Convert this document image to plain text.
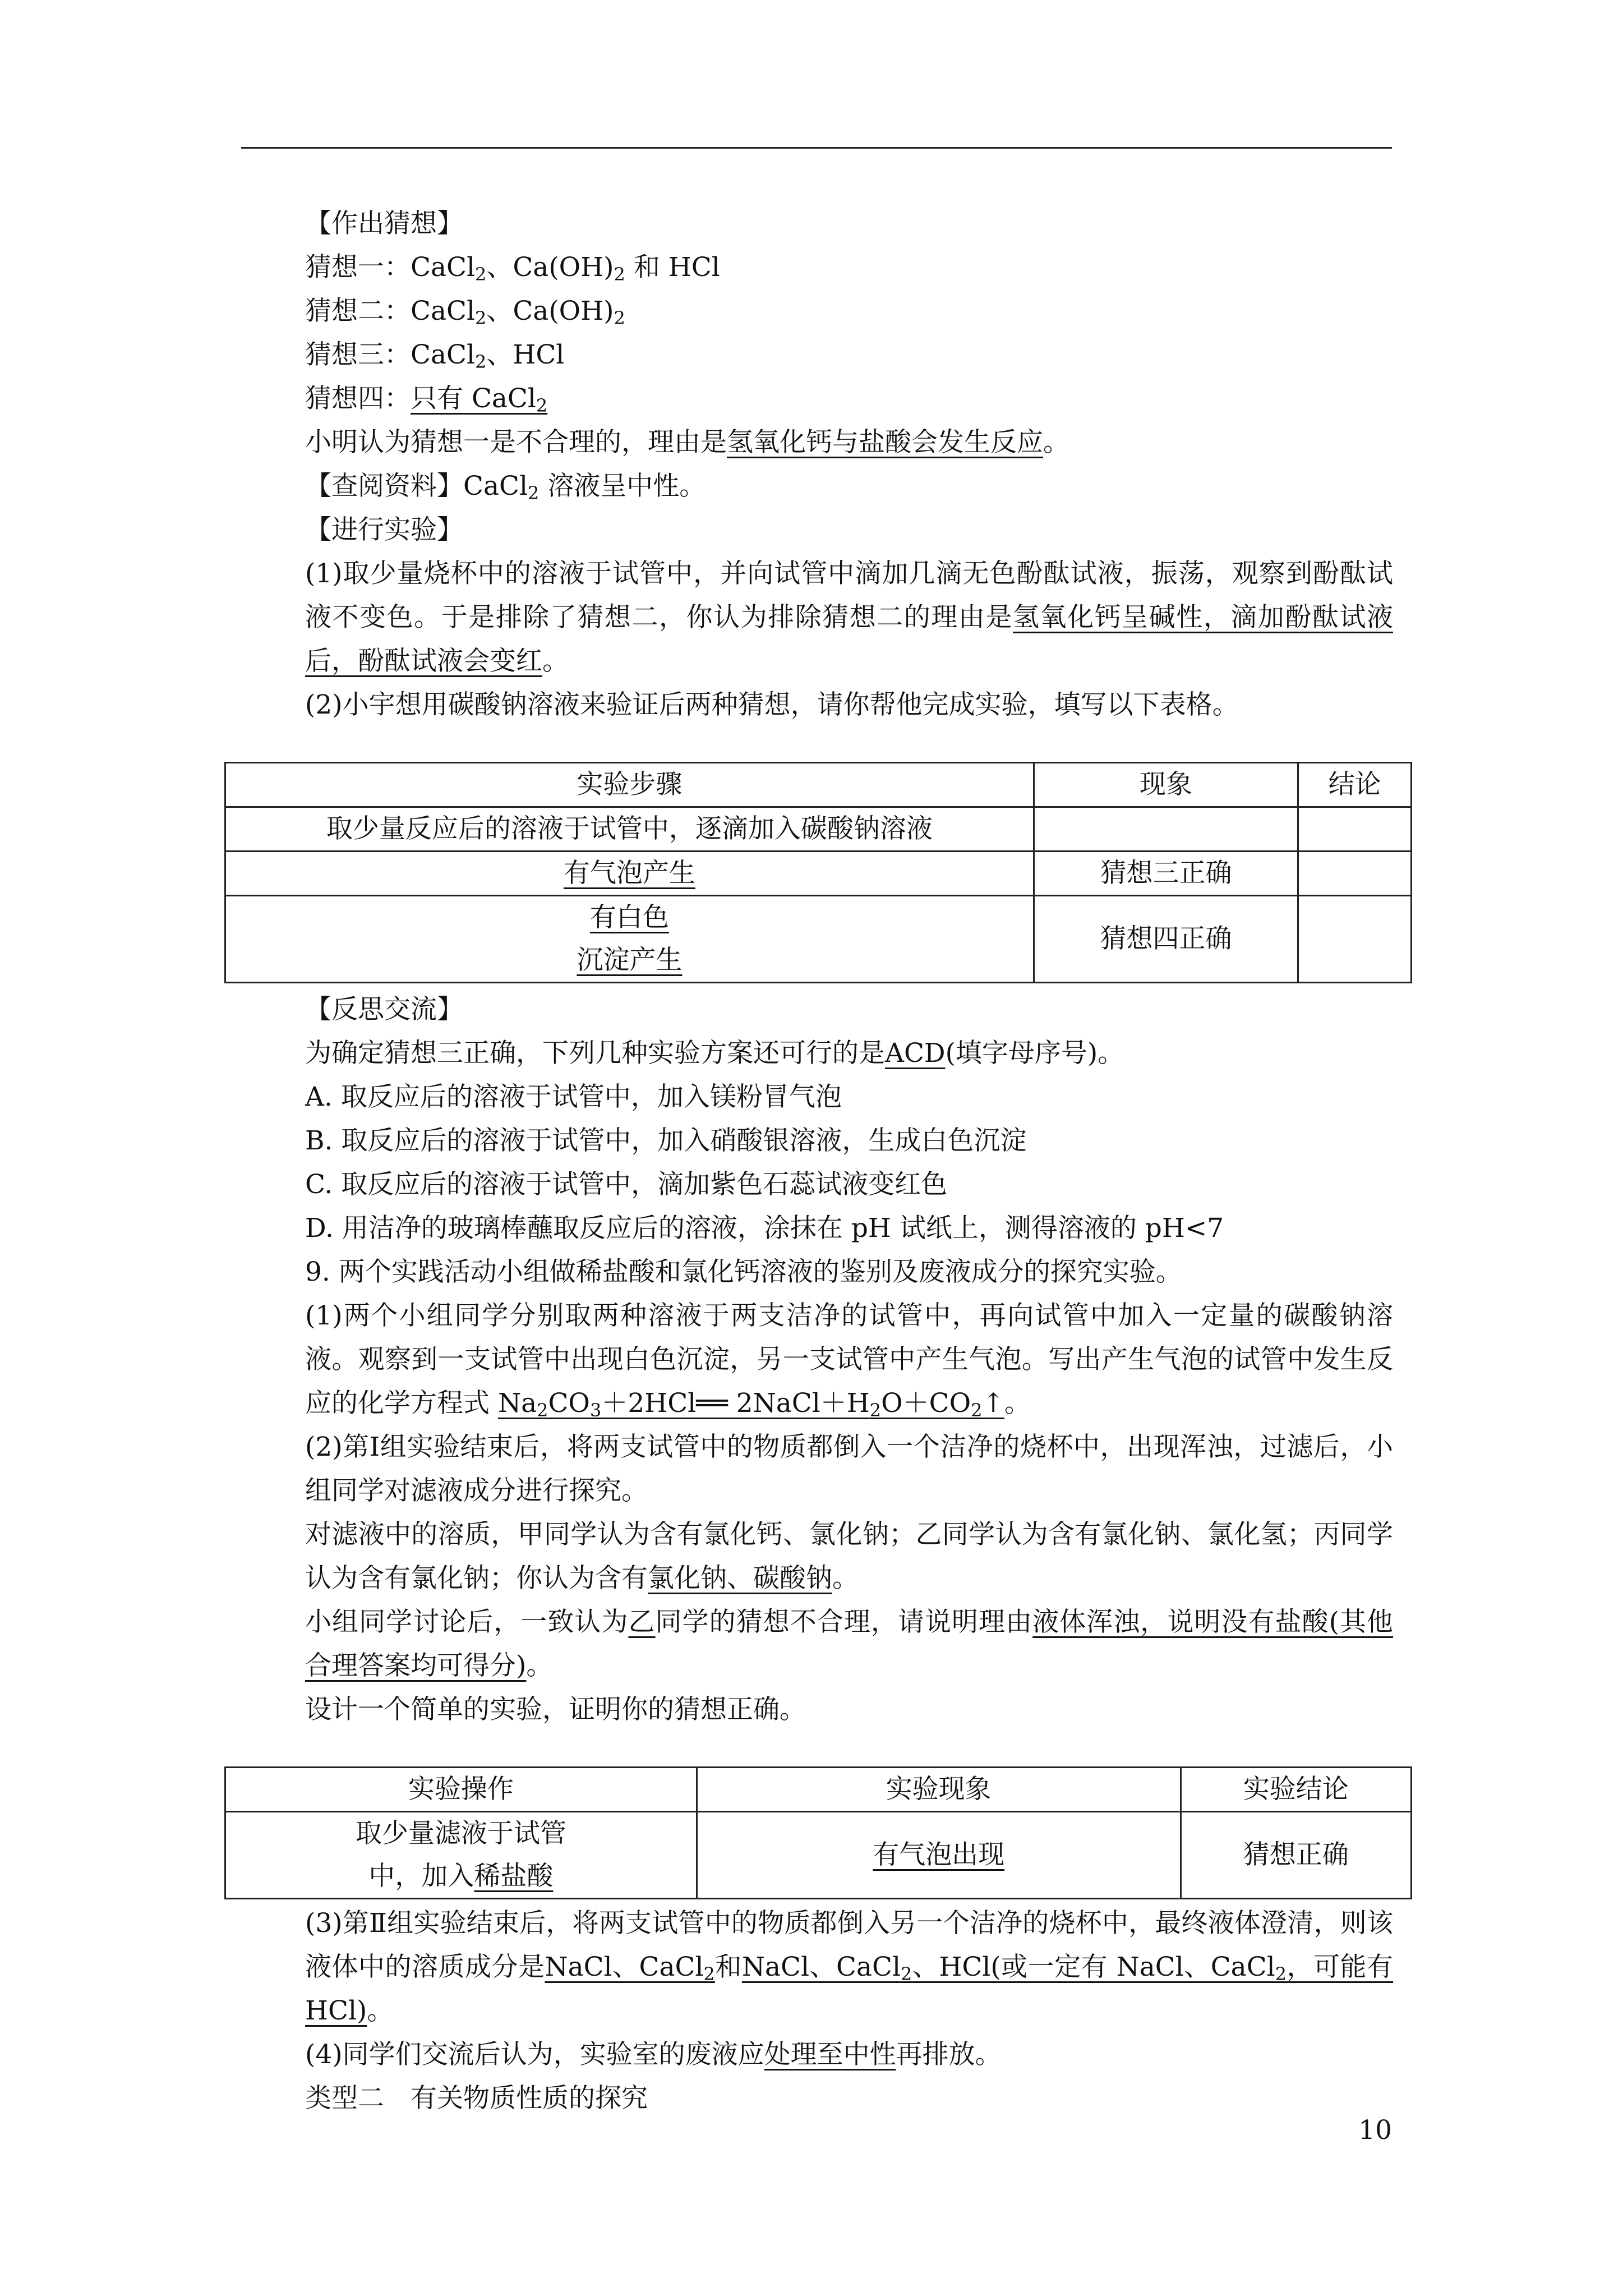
【作出猜想】

猜想一：CaCl$_2$、$Ca(OH)_2$ 和 HCl

猜想二：CaCl$_2$、$Ca(OH)_2$

猜想三：CaCl$_2$、HCl

猜想四：只有 CaCl$_2$

小明认为猜想一是不合理的，理由是氢氧化钙与盐酸会发生反应。

【查阅资料】CaCl$_2$ 溶液呈中性。

【进行实验】

(1)取少量烧杯中的溶液于试管中，并向试管中滴加几滴无色酚酞试液，振荡，观察到酚酞试液不变色。于是排除了猜想二，你认为排除猜想二的理由是氢氧化钙呈碱性，滴加酚酞试液后，酚酞试液会变红。

(2)小宇想用碳酸钠溶液来验证后两种猜想，请你帮他完成实验，填写以下表格。

实验步骤	现象	结论
取少量反应后的溶液于试管中，逐滴加入碳酸钠溶液		
有气泡产生	猜想三正确	
有白色
沉淀产生	猜想四正确	

【反思交流】

为确定猜想三正确，下列几种实验方案还可行的是ACD(填字母序号)。

A. 取反应后的溶液于试管中，加入镁粉冒气泡

B. 取反应后的溶液于试管中，加入硝酸银溶液，生成白色沉淀

C. 取反应后的溶液于试管中，滴加紫色石蕊试液变红色

D. 用洁净的玻璃棒蘸取反应后的溶液，涂抹在 pH 试纸上，测得溶液的 pH<7

9. 两个实践活动小组做稀盐酸和氯化钙溶液的鉴别及废液成分的探究实验。

(1)两个小组同学分别取两种溶液于两支洁净的试管中，再向试管中加入一定量的碳酸钠溶液。观察到一支试管中出现白色沉淀，另一支试管中产生气泡。写出产生气泡的试管中发生反应的化学方程式 $Na_2CO_3+2HCl══$ $2NaCl+H_2O+CO_2↑$。

(2)第Ⅰ组实验结束后，将两支试管中的物质都倒入一个洁净的烧杯中，出现浑浊，过滤后，小组同学对滤液成分进行探究。

对滤液中的溶质，甲同学认为含有氯化钙、氯化钠；乙同学认为含有氯化钠、氯化氢；丙同学认为含有氯化钠；你认为含有氯化钠、碳酸钠。

小组同学讨论后，一致认为乙同学的猜想不合理，请说明理由液体浑浊，说明没有盐酸(其他合理答案均可得分)。

设计一个简单的实验，证明你的猜想正确。

实验操作	实验现象	实验结论
取少量滤液于试管
中，加入稀盐酸	有气泡出现	猜想正确

(3)第Ⅱ组实验结束后，将两支试管中的物质都倒入另一个洁净的烧杯中，最终液体澄清，则该液体中的溶质成分是NaCl、CaCl$_2$和NaCl、CaCl$_2$、HCl(或一定有 NaCl、CaCl$_2$，可能有 HCl)。

(4)同学们交流后认为，实验室的废液应处理至中性再排放。

类型二　有关物质性质的探究

10
